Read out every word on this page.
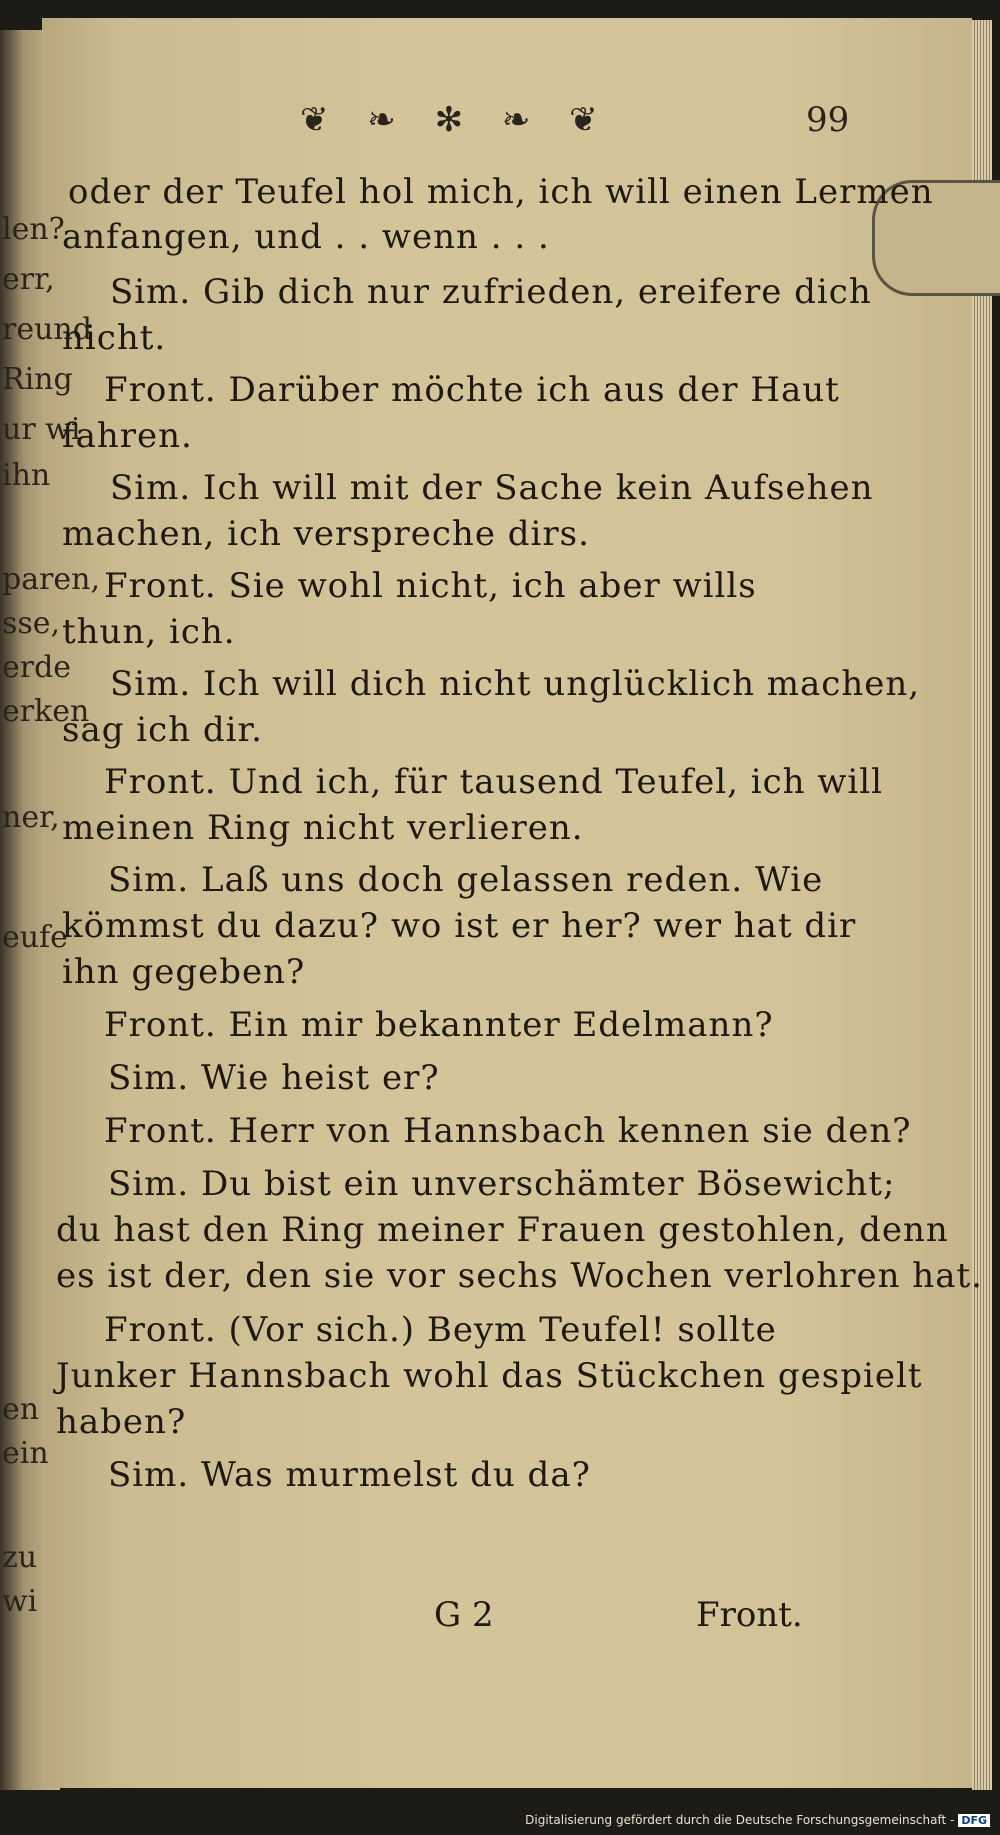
❦ ❧ ✻ ❧ ❦	99
len?
err,
reund
Ring
ur wi
ihn
paren,
sse,
erde
erken
ner,
eufe
en
ein
zu
wi
oder der Teufel hol mich, ich will einen Lermen
anfangen, und . . wenn . . .
Sim. Gib dich nur zufrieden, ereifere dich
nicht.
Front. Darüber möchte ich aus der Haut
fahren.
Sim. Ich will mit der Sache kein Aufsehen
machen, ich verspreche dirs.
Front. Sie wohl nicht, ich aber wills
thun, ich.
Sim. Ich will dich nicht unglücklich machen,
sag ich dir.
Front. Und ich, für tausend Teufel, ich will
meinen Ring nicht verlieren.
Sim. Laß uns doch gelassen reden. Wie
kömmst du dazu? wo ist er her? wer hat dir
ihn gegeben?
Front. Ein mir bekannter Edelmann?
Sim. Wie heist er?
Front. Herr von Hannsbach kennen sie den?
Sim. Du bist ein unverschämter Bösewicht;
du hast den Ring meiner Frauen gestohlen, denn
es ist der, den sie vor sechs Wochen verlohren hat.
Front. (Vor sich.) Beym Teufel! sollte
Junker Hannsbach wohl das Stückchen gespielt
haben?
Sim. Was murmelst du da?
G 2	Front.
Digitalisierung gefördert durch die Deutsche Forschungsgemeinschaft - DFG
